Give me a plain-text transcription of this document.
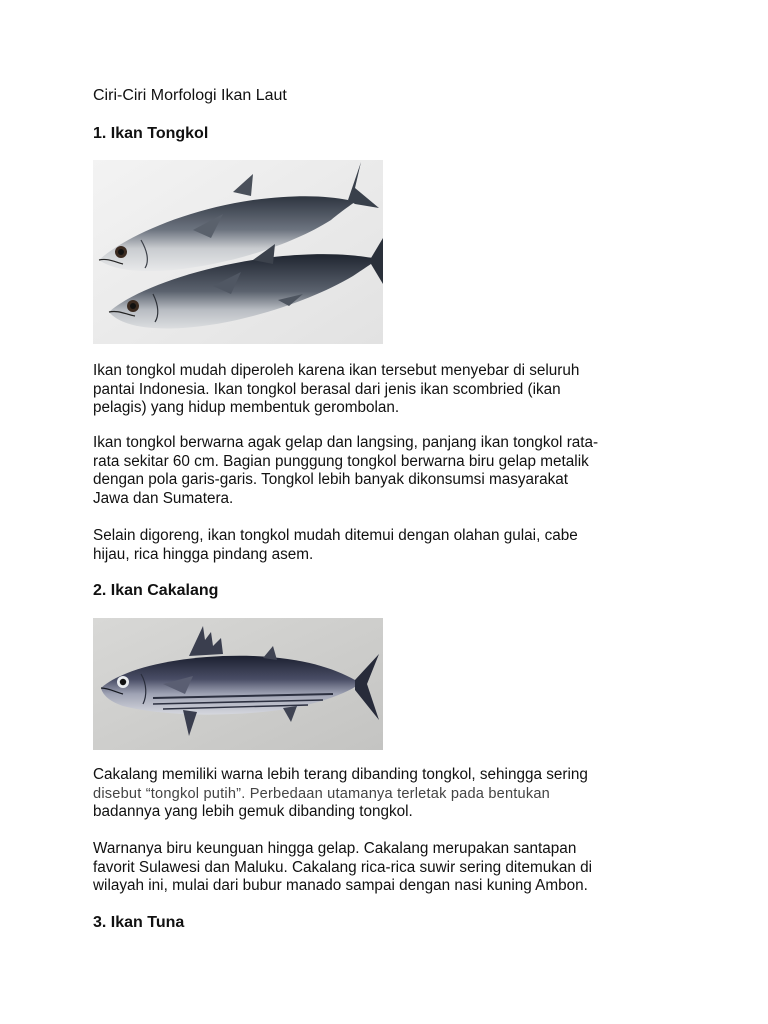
Ciri-Ciri Morfologi Ikan Laut
1. Ikan Tongkol
Ikan tongkol mudah diperoleh karena ikan tersebut menyebar di seluruh
pantai Indonesia. Ikan tongkol berasal dari jenis ikan scombried (ikan
pelagis) yang hidup membentuk gerombolan.
Ikan tongkol berwarna agak gelap dan langsing, panjang ikan tongkol rata-
rata sekitar 60 cm. Bagian punggung tongkol berwarna biru gelap metalik
dengan pola garis-garis. Tongkol lebih banyak dikonsumsi masyarakat
Jawa dan Sumatera.
Selain digoreng, ikan tongkol mudah ditemui dengan olahan gulai, cabe
hijau, rica hingga pindang asem.
2. Ikan Cakalang
Cakalang memiliki warna lebih terang dibanding tongkol, sehingga sering
disebut “tongkol putih”. Perbedaan utamanya terletak pada bentukan
badannya yang lebih gemuk dibanding tongkol.
Warnanya biru keunguan hingga gelap. Cakalang merupakan santapan
favorit Sulawesi dan Maluku. Cakalang rica-rica suwir sering ditemukan di
wilayah ini, mulai dari bubur manado sampai dengan nasi kuning Ambon.
3. Ikan Tuna
